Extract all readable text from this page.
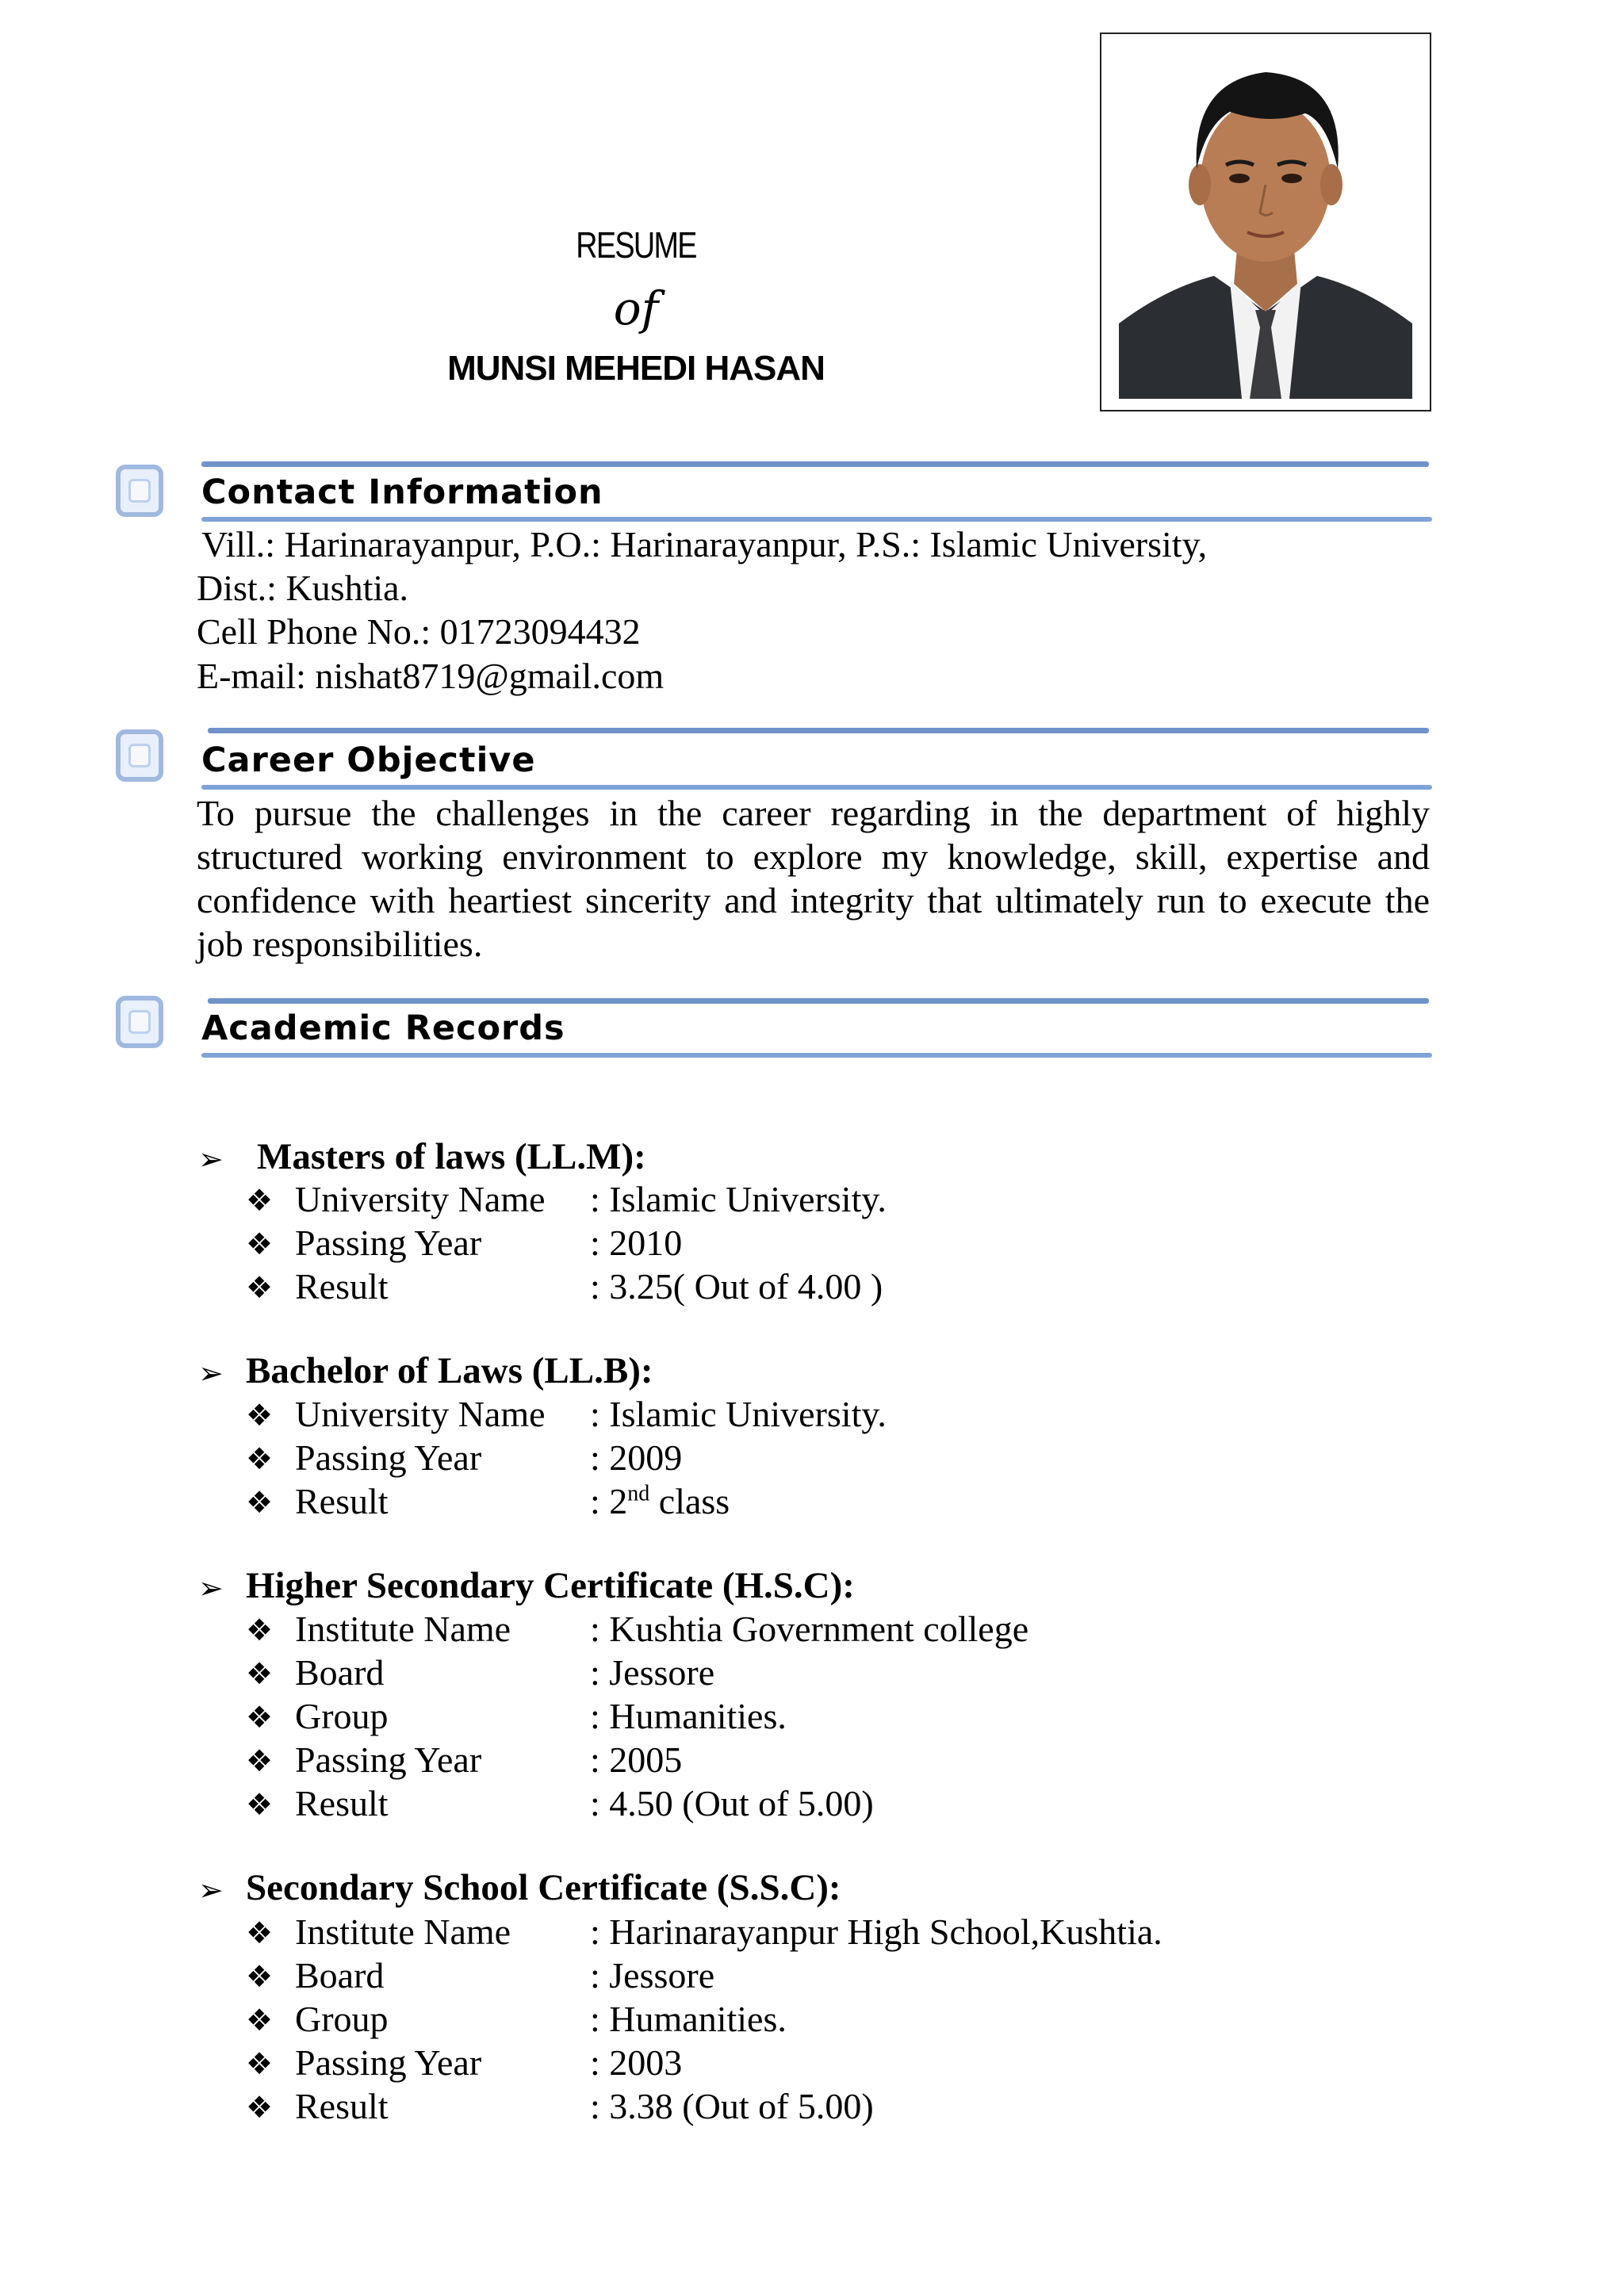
RESUME
of
MUNSI MEHEDI HASAN
Contact Information
Vill.: Harinarayanpur, P.O.: Harinarayanpur, P.S.: Islamic University,
Dist.: Kushtia.
Cell Phone No.: 01723094432
E-mail: nishat8719@gmail.com
Career Objective
To pursue the challenges in the career regarding in the department of highly structured working environment to explore my knowledge, skill, expertise and confidence with heartiest sincerity and integrity that ultimately run to execute the job responsibilities.
Academic Records
➢ Masters of laws (LL.M):
❖ University Name : Islamic University.
❖ Passing Year	: 2010
❖ Result	: 3.25( Out of 4.00 )
➢ Bachelor of Laws (LL.B):
❖ University Name : Islamic University.
❖ Passing Year	: 2009
❖ Result	: 2nd class
➢ Higher Secondary Certificate (H.S.C):
❖ Institute Name : Kushtia Government college
❖ Board	: Jessore
❖ Group	: Humanities.
❖ Passing Year	: 2005
❖ Result	: 4.50 (Out of 5.00)
➢ Secondary School Certificate (S.S.C):
❖ Institute Name : Harinarayanpur High School,Kushtia.
❖ Board	: Jessore
❖ Group	: Humanities.
❖ Passing Year	: 2003
❖ Result	: 3.38 (Out of 5.00)
